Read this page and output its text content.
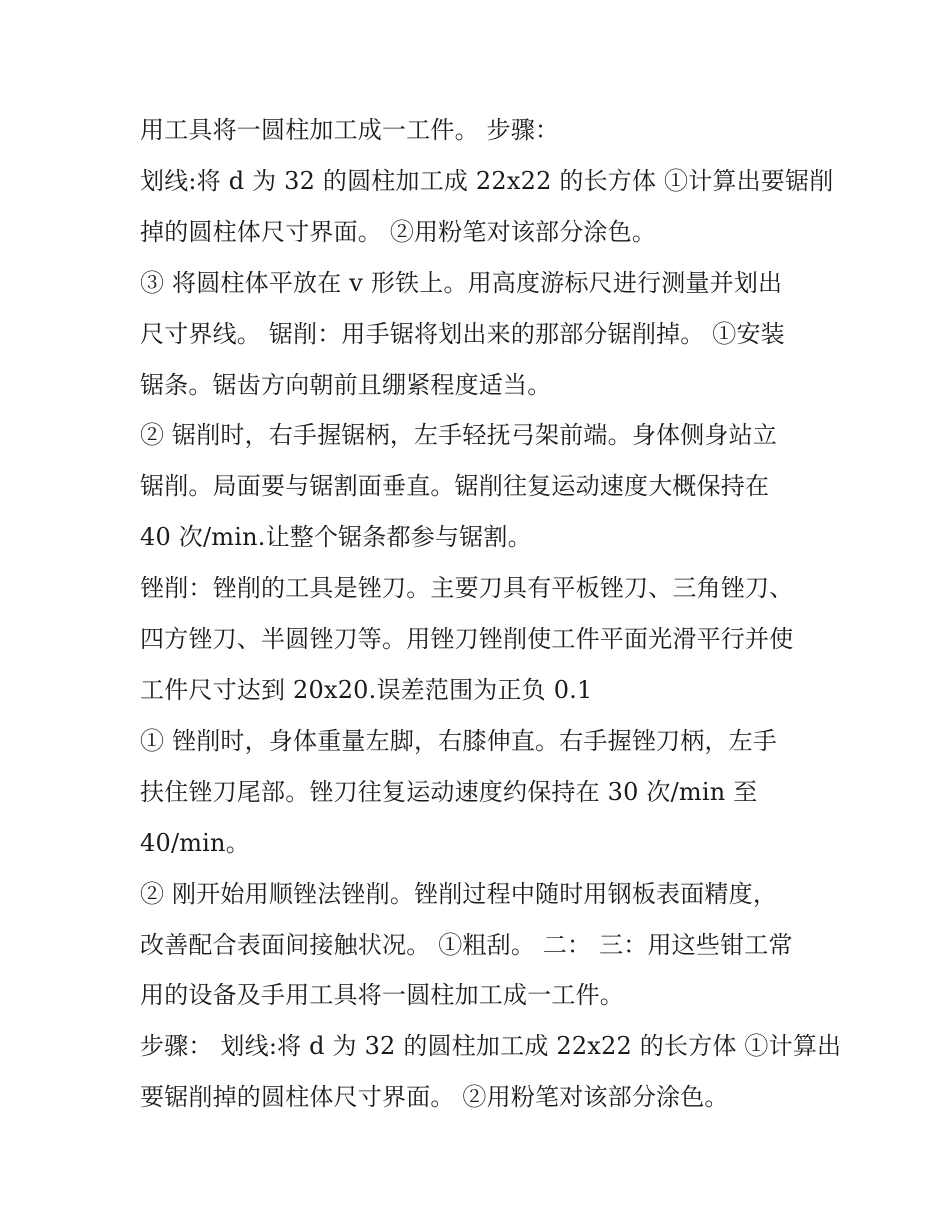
用工具将一圆柱加工成一工件。 步骤：

划线:将 d 为 32 的圆柱加工成 22x22 的长方体 ①计算出要锯削

掉的圆柱体尺寸界面。 ②用粉笔对该部分涂色。

③ 将圆柱体平放在 v 形铁上。用高度游标尺进行测量并划出

尺寸界线。 锯削：用手锯将划出来的那部分锯削掉。 ①安装

锯条。锯齿方向朝前且绷紧程度适当。

② 锯削时，右手握锯柄，左手轻抚弓架前端。身体侧身站立

锯削。局面要与锯割面垂直。锯削往复运动速度大概保持在

40 次/min.让整个锯条都参与锯割。

锉削：锉削的工具是锉刀。主要刀具有平板锉刀、三角锉刀、

四方锉刀、半圆锉刀等。用锉刀锉削使工件平面光滑平行并使

工件尺寸达到 20x20.误差范围为正负 0.1

① 锉削时，身体重量左脚，右膝伸直。右手握锉刀柄，左手

扶住锉刀尾部。锉刀往复运动速度约保持在 30 次/min 至

40/min。

② 刚开始用顺锉法锉削。锉削过程中随时用钢板表面精度，

改善配合表面间接触状况。 ①粗刮。 二： 三：用这些钳工常

用的设备及手用工具将一圆柱加工成一工件。

步骤： 划线:将 d 为 32 的圆柱加工成 22x22 的长方体 ①计算出

要锯削掉的圆柱体尺寸界面。 ②用粉笔对该部分涂色。
